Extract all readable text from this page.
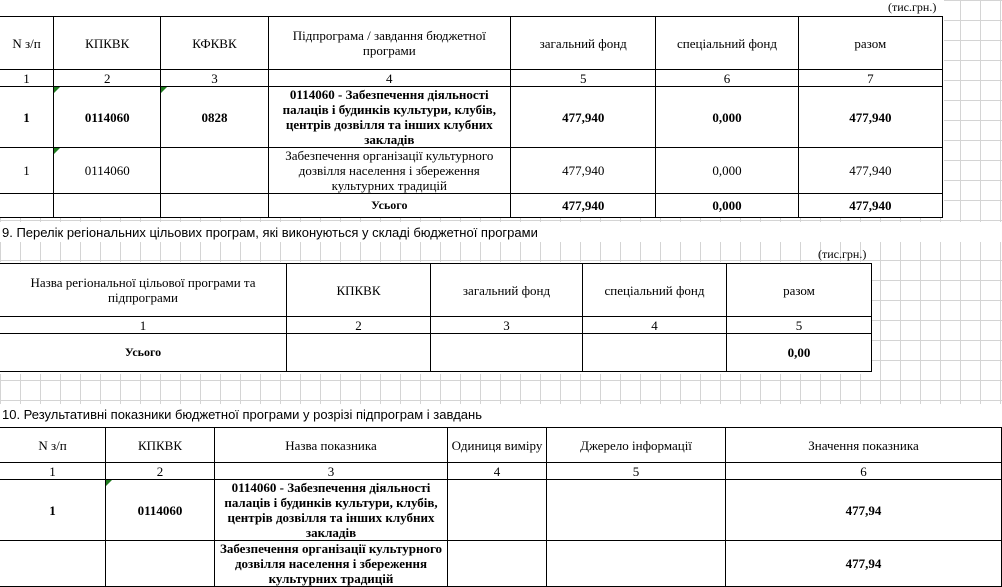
(тис.грн.)
N з/п	КПКВК	КФКВК	Підпрограма / завдання бюджетної програми	загальний фонд	спеціальний фонд	разом
1	2	3	4	5	6	7
1	0114060	0828	0114060 - Забезпечення діяльності палаців і будинків культури, клубів, центрів дозвілля та iнших клубних закладів	477,940	0,000	477,940
1	0114060		Забезпечення організації культурного дозвілля населення і збереження культурних традицій	477,940	0,000	477,940
			Усього	477,940	0,000	477,940
9. Перелік регіональних цільових програм, які виконуються у складі бюджетної програми
(тис.грн.)
Назва регіональної цільової програми та підпрограми	КПКВК	загальний фонд	спеціальний фонд	разом
1	2	3	4	5
Усього				0,00
10. Результативні показники бюджетної програми у розрізі підпрограм і завдань
N з/п	КПКВК	Назва показника	Одиниця виміру	Джерело інформації	Значення показника
1	2	3	4	5	6
1	0114060	0114060 - Забезпечення діяльності палаців і будинків культури, клубів, центрів дозвілля та інших клубних закладів			477,94
		Забезпечення організації культурного дозвілля населення і збереження культурних традицій			477,94
